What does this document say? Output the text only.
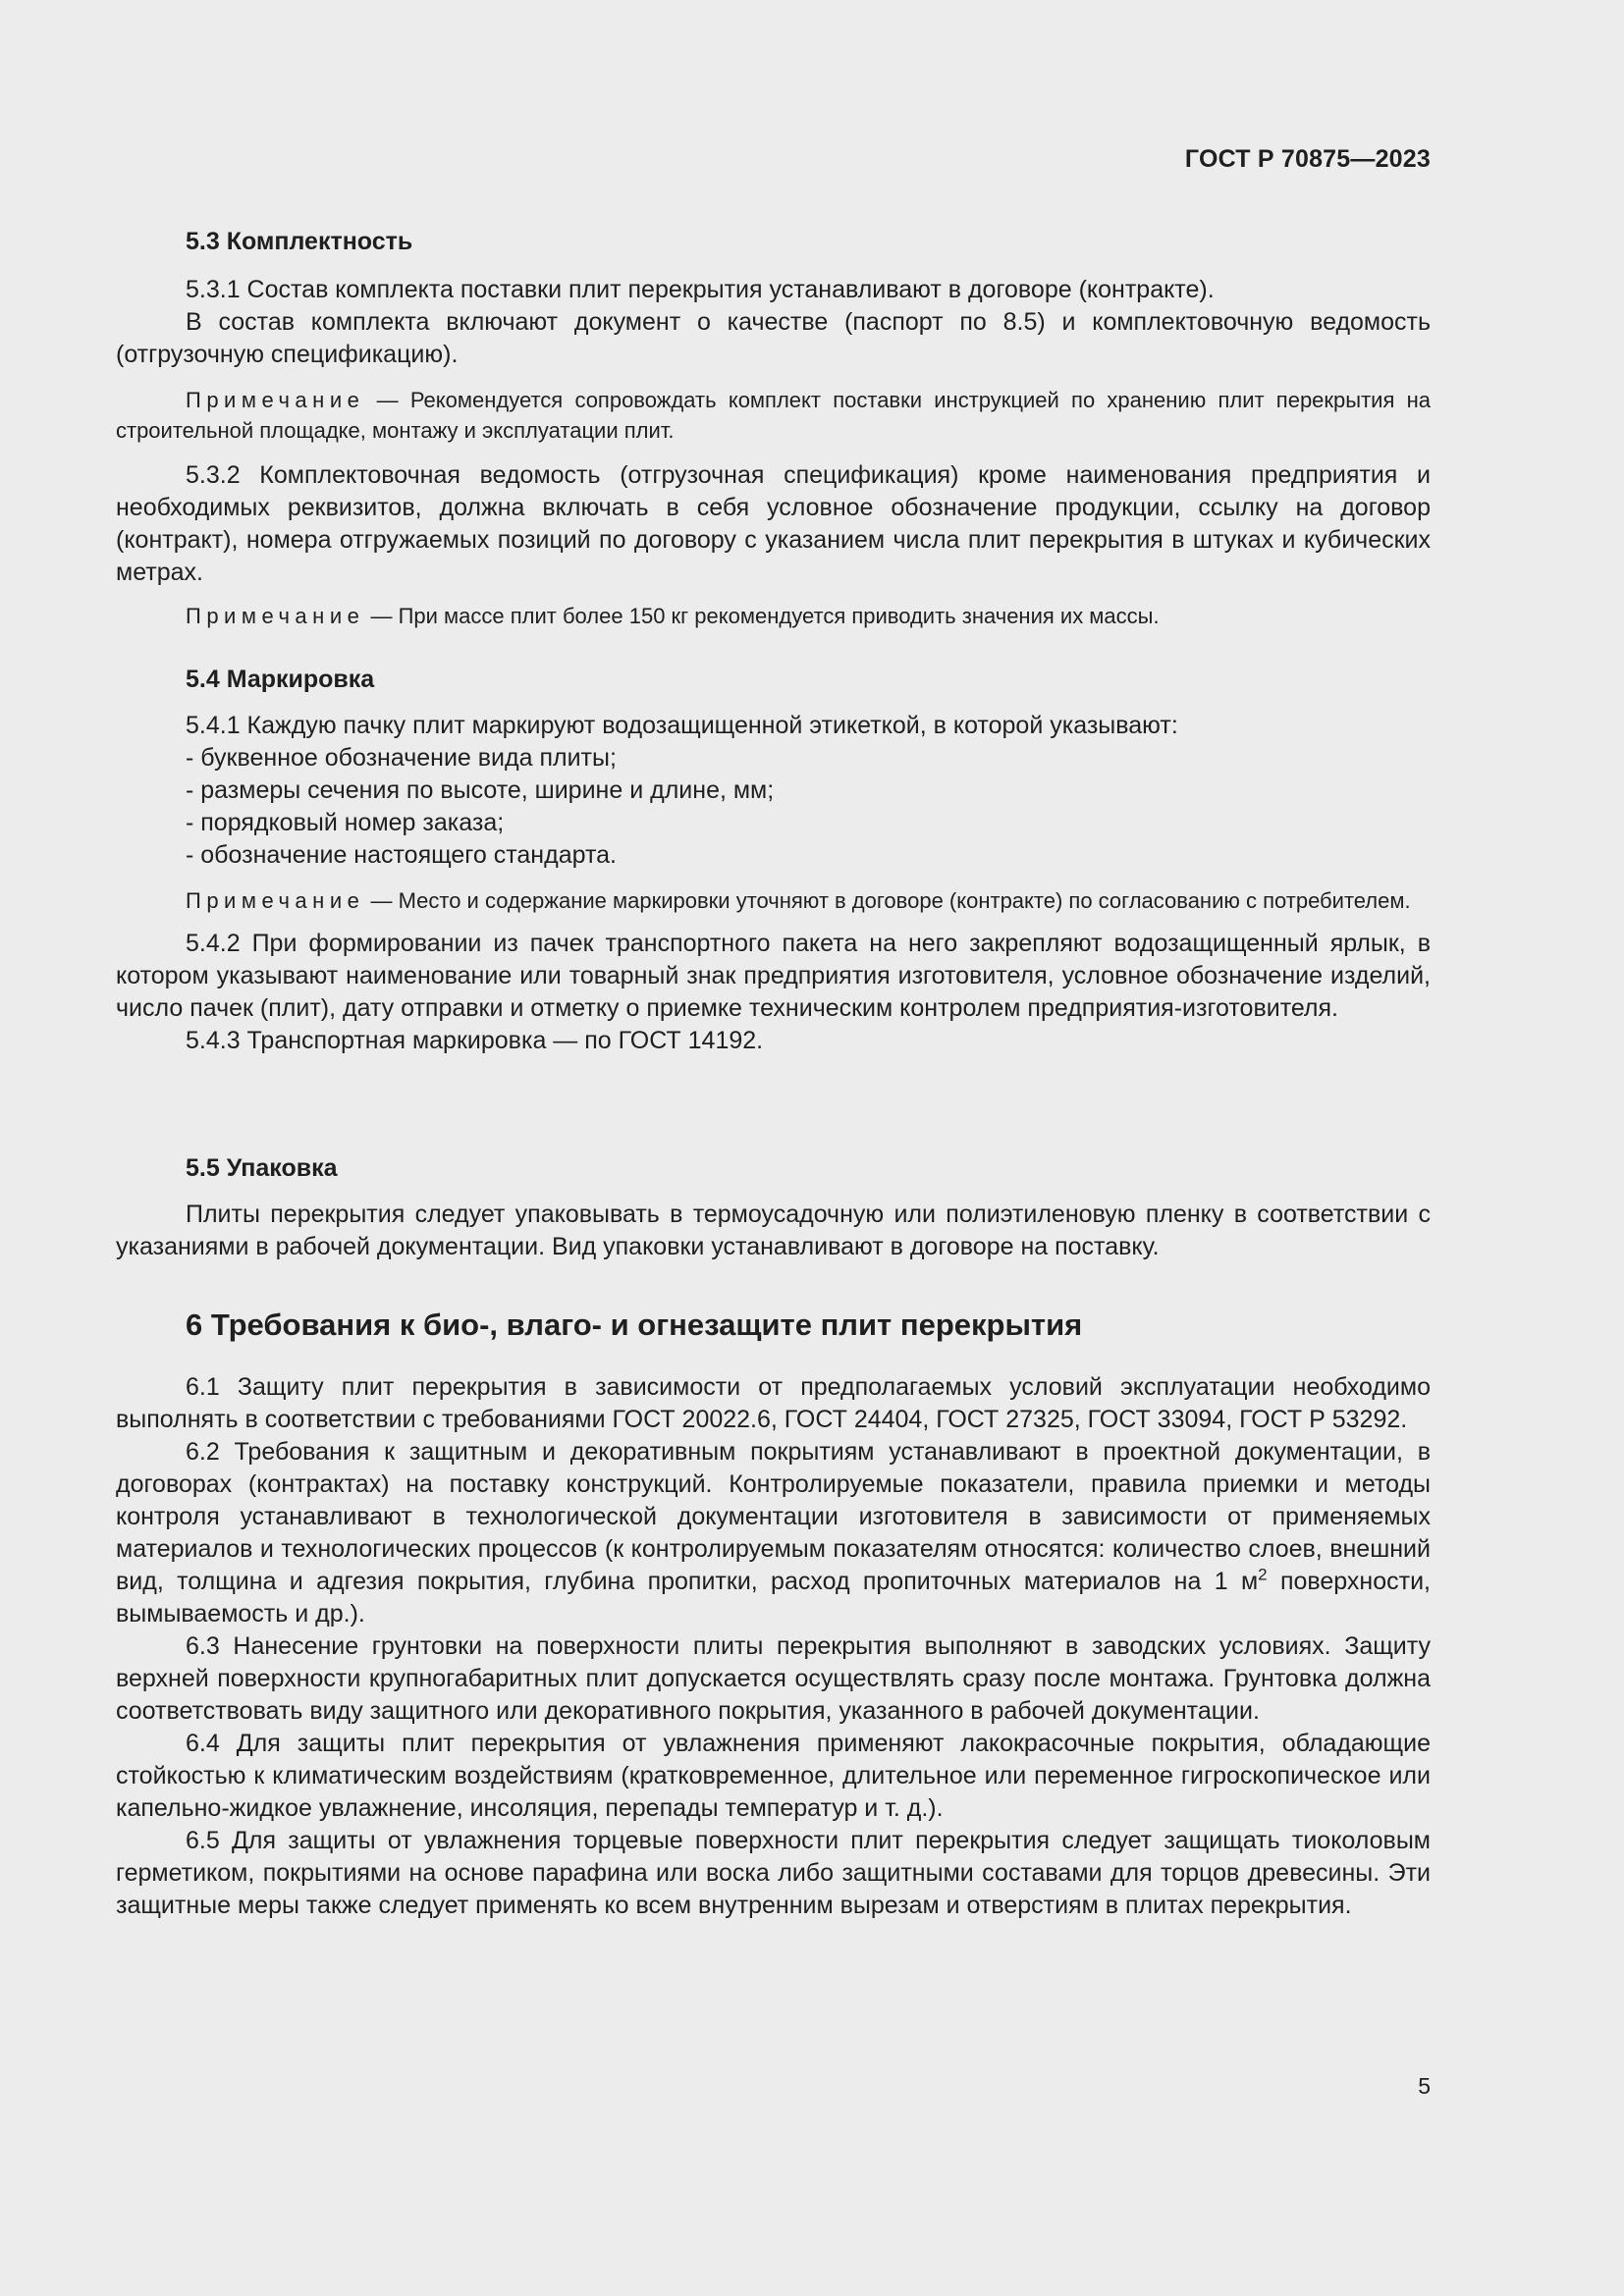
ГОСТ Р 70875—2023

5.3 Комплектность

5.3.1 Состав комплекта поставки плит перекрытия устанавливают в договоре (контракте).

В состав комплекта включают документ о качестве (паспорт по 8.5) и комплектовочную ведомость (отгрузочную спецификацию).

Примечание — Рекомендуется сопровождать комплект поставки инструкцией по хранению плит перекрытия на строительной площадке, монтажу и эксплуатации плит.

5.3.2 Комплектовочная ведомость (отгрузочная спецификация) кроме наименования предприятия и необходимых реквизитов, должна включать в себя условное обозначение продукции, ссылку на договор (контракт), номера отгружаемых позиций по договору с указанием числа плит перекрытия в штуках и кубических метрах.

Примечание — При массе плит более 150 кг рекомендуется приводить значения их массы.

5.4 Маркировка

5.4.1 Каждую пачку плит маркируют водозащищенной этикеткой, в которой указывают:

- буквенное обозначение вида плиты;
- размеры сечения по высоте, ширине и длине, мм;
- порядковый номер заказа;
- обозначение настоящего стандарта.

Примечание — Место и содержание маркировки уточняют в договоре (контракте) по согласованию с потребителем.

5.4.2 При формировании из пачек транспортного пакета на него закрепляют водозащищенный ярлык, в котором указывают наименование или товарный знак предприятия изготовителя, условное обозначение изделий, число пачек (плит), дату отправки и отметку о приемке техническим контролем предприятия-изготовителя.

5.4.3 Транспортная маркировка — по ГОСТ 14192.

5.5 Упаковка

Плиты перекрытия следует упаковывать в термоусадочную или полиэтиленовую пленку в соответствии с указаниями в рабочей документации. Вид упаковки устанавливают в договоре на поставку.

6 Требования к био-, влаго- и огнезащите плит перекрытия

6.1 Защиту плит перекрытия в зависимости от предполагаемых условий эксплуатации необходимо выполнять в соответствии с требованиями ГОСТ 20022.6, ГОСТ 24404, ГОСТ 27325, ГОСТ 33094, ГОСТ Р 53292.

6.2 Требования к защитным и декоративным покрытиям устанавливают в проектной документации, в договорах (контрактах) на поставку конструкций. Контролируемые показатели, правила приемки и методы контроля устанавливают в технологической документации изготовителя в зависимости от применяемых материалов и технологических процессов (к контролируемым показателям относятся: количество слоев, внешний вид, толщина и адгезия покрытия, глубина пропитки, расход пропиточных материалов на 1 $м^2$ поверхности, вымываемость и др.).

6.3 Нанесение грунтовки на поверхности плиты перекрытия выполняют в заводских условиях. Защиту верхней поверхности крупногабаритных плит допускается осуществлять сразу после монтажа. Грунтовка должна соответствовать виду защитного или декоративного покрытия, указанного в рабочей документации.

6.4 Для защиты плит перекрытия от увлажнения применяют лакокрасочные покрытия, обладающие стойкостью к климатическим воздействиям (кратковременное, длительное или переменное гигроскопическое или капельно-жидкое увлажнение, инсоляция, перепады температур и т. д.).

6.5 Для защиты от увлажнения торцевые поверхности плит перекрытия следует защищать тиоколовым герметиком, покрытиями на основе парафина или воска либо защитными составами для торцов древесины. Эти защитные меры также следует применять ко всем внутренним вырезам и отверстиям в плитах перекрытия.

5
